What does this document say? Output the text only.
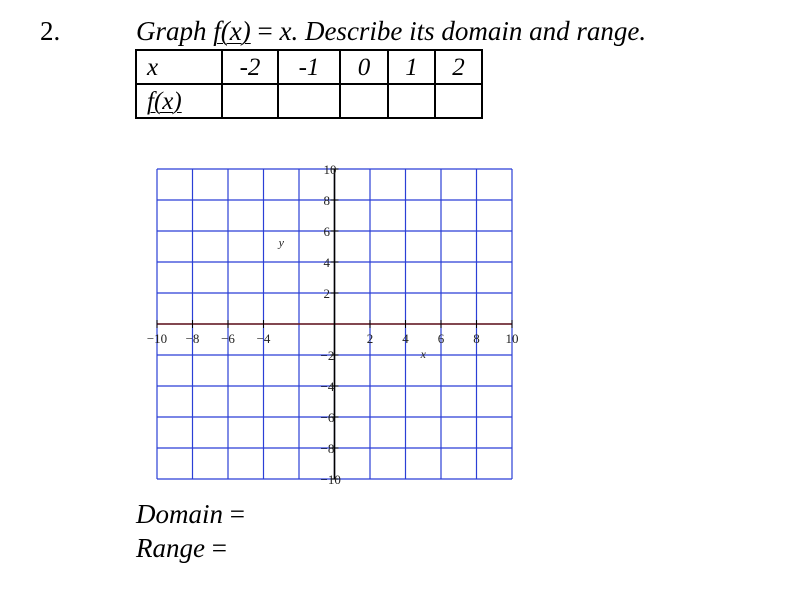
2.	Graph f(x) = x. Describe its domain and range.
x	-2	-1	0	1	2
f(x)					
−10 −8 −6 −4	2 4 6 8 10
10
8
6
4
2
−2
−4
−6
−8
−10
y
x
Domain =
Range =
